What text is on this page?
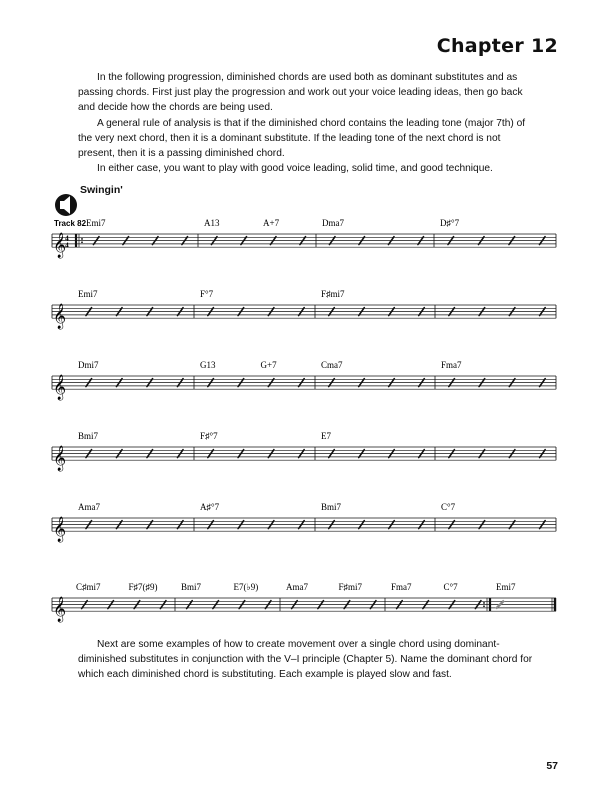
Chapter 12

In the following progression, diminished chords are used both as dominant substitutes and as passing chords. First just play the progression and work out your voice leading ideas, then go back and decide how the chords are being used.

A general rule of analysis is that if the diminished chord contains the leading tone (major 7th) of the very next chord, then it is a dominant substitute. If the leading tone of the next chord is not present, then it is a passing diminished chord.

In either case, you want to play with good voice leading, solid time, and good technique.

Swingin'
Track 82
𝄞
4
4
Emi7	A13	A+7	Dma7	D♯°7
𝄞
Emi7	F°7	F♯mi7
𝄞
Dmi7	G13	G+7	Cma7	Fma7
𝄞
Bmi7	F♯°7	E7
𝄞
Ama7	A♯°7	Bmi7	C°7
𝄞
C♯mi7	F♯7(♯9)	Bmi7	E7(♭9)	Ama7	F♯mi7	Fma7	C°7	Emi7

Next are some examples of how to create movement over a single chord using dominant-diminished substitutes in conjunction with the V–I principle (Chapter 5). Name the dominant chord for which each diminished chord is substituting. Each example is played slow and fast.

57
